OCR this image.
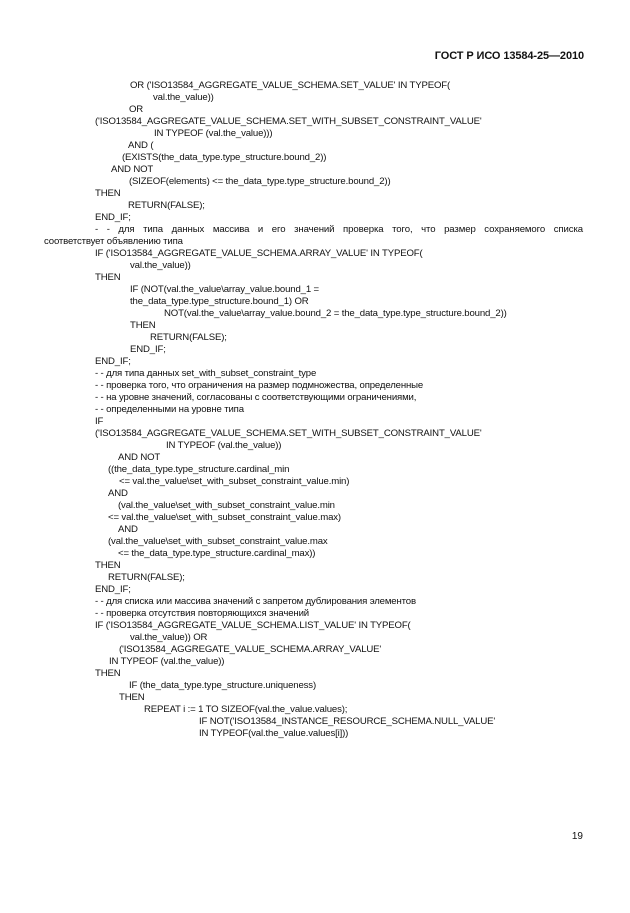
ГОСТ Р ИСО 13584-25—2010
OR ('ISO13584_AGGREGATE_VALUE_SCHEMA.SET_VALUE' IN TYPEOF(
val.the_value))
OR
('ISO13584_AGGREGATE_VALUE_SCHEMA.SET_WITH_SUBSET_CONSTRAINT_VALUE'
IN TYPEOF (val.the_value)))
AND (
(EXISTS(the_data_type.type_structure.bound_2))
AND NOT
(SIZEOF(elements) <= the_data_type.type_structure.bound_2))
THEN
RETURN(FALSE);
END_IF;
- - для типа данных массива и его значений проверка того, что размер сохраняемого списка
соответствует объявлению типа
IF ('ISO13584_AGGREGATE_VALUE_SCHEMA.ARRAY_VALUE' IN TYPEOF(
val.the_value))
THEN
IF (NOT(val.the_value\array_value.bound_1 =
the_data_type.type_structure.bound_1) OR
NOT(val.the_value\array_value.bound_2 = the_data_type.type_structure.bound_2))
THEN
RETURN(FALSE);
END_IF;
END_IF;
- - для типа данных set_with_subset_constraint_type
- - проверка того, что ограничения на размер подмножества, определенные
- - на уровне значений, согласованы с соответствующими ограничениями,
- - определенными на уровне типа
IF
('ISO13584_AGGREGATE_VALUE_SCHEMA.SET_WITH_SUBSET_CONSTRAINT_VALUE'
IN TYPEOF (val.the_value))
AND NOT
((the_data_type.type_structure.cardinal_min
<= val.the_value\set_with_subset_constraint_value.min)
AND
(val.the_value\set_with_subset_constraint_value.min
<= val.the_value\set_with_subset_constraint_value.max)
AND
(val.the_value\set_with_subset_constraint_value.max
<= the_data_type.type_structure.cardinal_max))
THEN
RETURN(FALSE);
END_IF;
- - для списка или массива значений с запретом дублирования элементов
- - проверка отсутствия повторяющихся значений
IF ('ISO13584_AGGREGATE_VALUE_SCHEMA.LIST_VALUE' IN TYPEOF(
val.the_value)) OR
('ISO13584_AGGREGATE_VALUE_SCHEMA.ARRAY_VALUE'
IN TYPEOF (val.the_value))
THEN
IF (the_data_type.type_structure.uniqueness)
THEN
REPEAT i := 1 TO SIZEOF(val.the_value.values);
IF NOT('ISO13584_INSTANCE_RESOURCE_SCHEMA.NULL_VALUE'
IN TYPEOF(val.the_value.values[i]))
19
